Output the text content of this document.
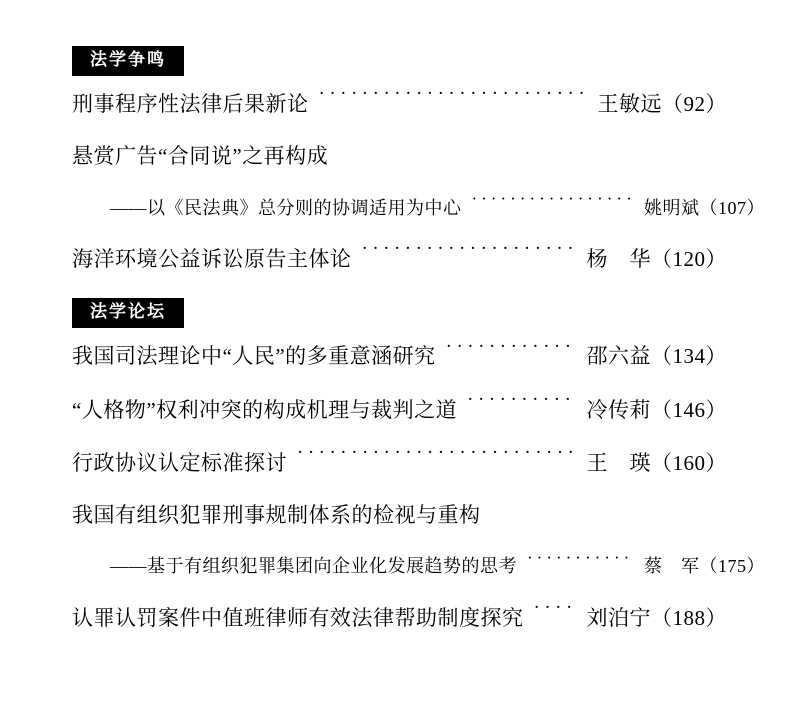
法学争鸣
刑事程序性法律后果新论 ·····	王敏远 （92）
悬赏广告“合同说”之再构成
——以《民法典》总分则的协调适用为中心 ·····	姚明斌 （107）
海洋环境公益诉讼原告主体论 ·····	杨　华 （120）
法学论坛
我国司法理论中“人民”的多重意涵研究 ·····	邵六益 （134）
“人格物”权利冲突的构成机理与裁判之道 ·····	冷传莉 （146）
行政协议认定标准探讨 ·····	王　瑛 （160）
我国有组织犯罪刑事规制体系的检视与重构
——基于有组织犯罪集团向企业化发展趋势的思考 ·····	蔡　军 （175）
认罪认罚案件中值班律师有效法律帮助制度探究 ·····	刘泊宁 （188）
